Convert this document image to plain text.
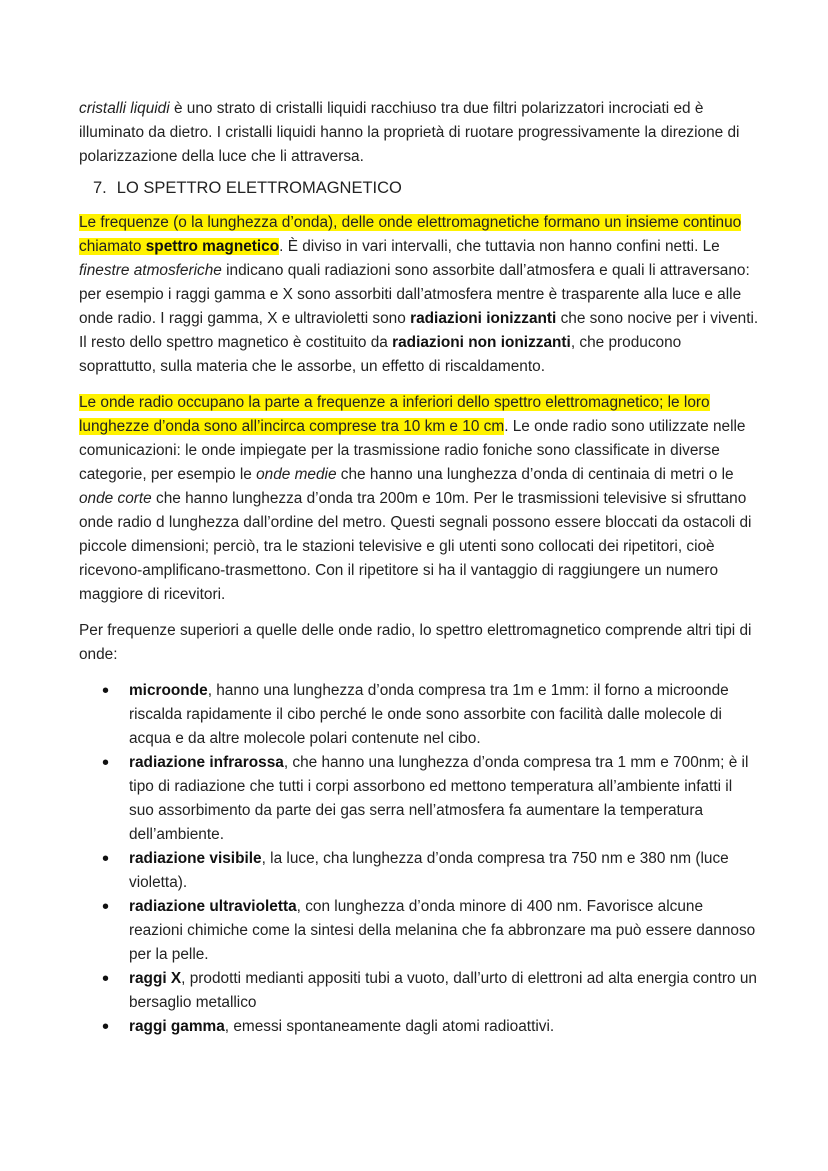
cristalli liquidi è uno strato di cristalli liquidi racchiuso tra due filtri polarizzatori incrociati ed è illuminato da dietro. I cristalli liquidi hanno la proprietà di ruotare progressivamente la direzione di polarizzazione della luce che li attraversa.

7. LO SPETTRO ELETTROMAGNETICO

Le frequenze (o la lunghezza d’onda), delle onde elettromagnetiche formano un insieme continuo chiamato spettro magnetico. È diviso in vari intervalli, che tuttavia non hanno confini netti. Le finestre atmosferiche indicano quali radiazioni sono assorbite dall’atmosfera e quali li attraversano: per esempio i raggi gamma e X sono assorbiti dall’atmosfera mentre è trasparente alla luce e alle onde radio. I raggi gamma, X e ultravioletti sono radiazioni ionizzanti che sono nocive per i viventi. Il resto dello spettro magnetico è costituito da radiazioni non ionizzanti, che producono soprattutto, sulla materia che le assorbe, un effetto di riscaldamento.

Le onde radio occupano la parte a frequenze a inferiori dello spettro elettromagnetico; le loro lunghezze d’onda sono all’incirca comprese tra 10 km e 10 cm. Le onde radio sono utilizzate nelle comunicazioni: le onde impiegate per la trasmissione radio foniche sono classificate in diverse categorie, per esempio le onde medie che hanno una lunghezza d’onda di centinaia di metri o le onde corte che hanno lunghezza d’onda tra 200m e 10m. Per le trasmissioni televisive si sfruttano onde radio d lunghezza dall’ordine del metro. Questi segnali possono essere bloccati da ostacoli di piccole dimensioni; perciò, tra le stazioni televisive e gli utenti sono collocati dei ripetitori, cioè ricevono-amplificano-trasmettono. Con il ripetitore si ha il vantaggio di raggiungere un numero maggiore di ricevitori.

Per frequenze superiori a quelle delle onde radio, lo spettro elettromagnetico comprende altri tipi di onde:

• microonde, hanno una lunghezza d’onda compresa tra 1m e 1mm: il forno a microonde riscalda rapidamente il cibo perché le onde sono assorbite con facilità dalle molecole di acqua e da altre molecole polari contenute nel cibo.
• radiazione infrarossa, che hanno una lunghezza d’onda compresa tra 1 mm e 700nm; è il tipo di radiazione che tutti i corpi assorbono ed mettono temperatura all’ambiente infatti il suo assorbimento da parte dei gas serra nell’atmosfera fa aumentare la temperatura dell’ambiente.
• radiazione visibile, la luce, cha lunghezza d’onda compresa tra 750 nm e 380 nm (luce violetta).
• radiazione ultravioletta, con lunghezza d’onda minore di 400 nm. Favorisce alcune reazioni chimiche come la sintesi della melanina che fa abbronzare ma può essere dannoso per la pelle.
• raggi X, prodotti medianti appositi tubi a vuoto, dall’urto di elettroni ad alta energia contro un bersaglio metallico
• raggi gamma, emessi spontaneamente dagli atomi radioattivi.
